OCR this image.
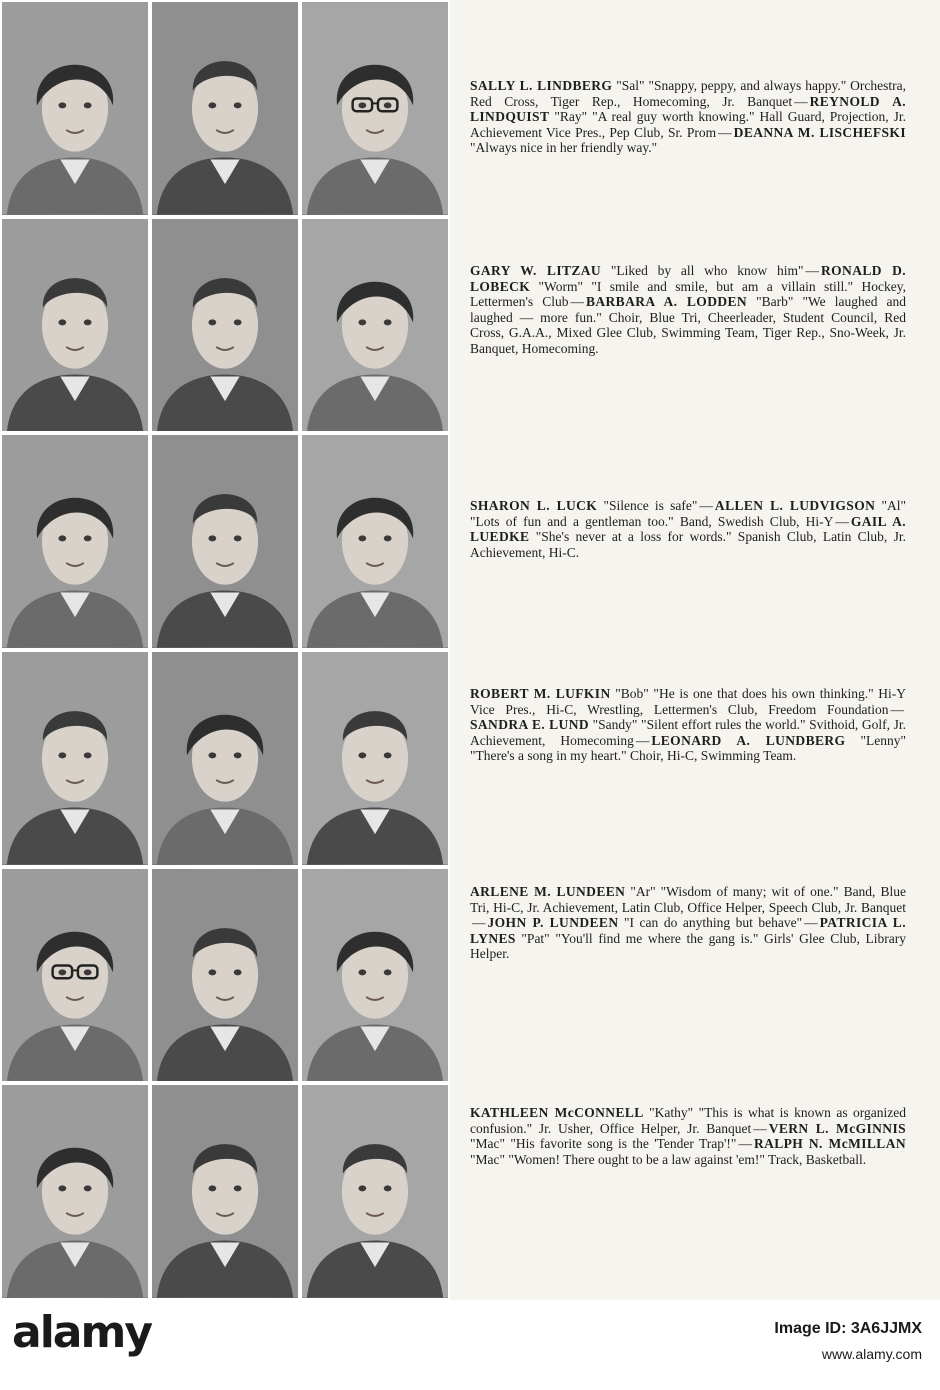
SALLY L. LINDBERG "Sal" "Snappy, peppy, and always happy." Orchestra, Red Cross, Tiger Rep., Homecoming, Jr. Banquet — REYNOLD A. LINDQUIST "Ray" "A real guy worth knowing." Hall Guard, Projection, Jr. Achievement Vice Pres., Pep Club, Sr. Prom — DEANNA M. LISCHEFSKI "Always nice in her friendly way."

GARY W. LITZAU "Liked by all who know him" — RONALD D. LOBECK "Worm" "I smile and smile, but am a villain still." Hockey, Lettermen's Club — BARBARA A. LODDEN "Barb" "We laughed and laughed — more fun." Choir, Blue Tri, Cheerleader, Student Council, Red Cross, G.A.A., Mixed Glee Club, Swimming Team, Tiger Rep., Sno-Week, Jr. Banquet, Homecoming.

SHARON L. LUCK "Silence is safe" — ALLEN L. LUDVIGSON "Al" "Lots of fun and a gentleman too." Band, Swedish Club, Hi-Y — GAIL A. LUEDKE "She's never at a loss for words." Spanish Club, Latin Club, Jr. Achievement, Hi-C.

ROBERT M. LUFKIN "Bob" "He is one that does his own thinking." Hi-Y Vice Pres., Hi-C, Wrestling, Lettermen's Club, Freedom Foundation —SANDRA E. LUND "Sandy" "Silent effort rules the world." Svithoid, Golf, Jr. Achievement, Homecoming — LEONARD A. LUNDBERG "Lenny" "There's a song in my heart." Choir, Hi-C, Swimming Team.

ARLENE M. LUNDEEN "Ar" "Wisdom of many; wit of one." Band, Blue Tri, Hi-C, Jr. Achievement, Latin Club, Office Helper, Speech Club, Jr. Banquet— JOHN P. LUNDEEN "I can do anything but behave" — PATRICIA L. LYNES "Pat" "You'll find me where the gang is." Girls' Glee Club, Library Helper.

KATHLEEN McCONNELL "Kathy" "This is what is known as organized confusion." Jr. Usher, Office Helper, Jr. Banquet — VERN L. McGINNIS "Mac" "His favorite song is the 'Tender Trap'!" — RALPH N. McMILLAN "Mac" "Women! There ought to be a law against 'em!" Track, Basketball.

alamy	Image ID: 3A6JJMX
www.alamy.com
